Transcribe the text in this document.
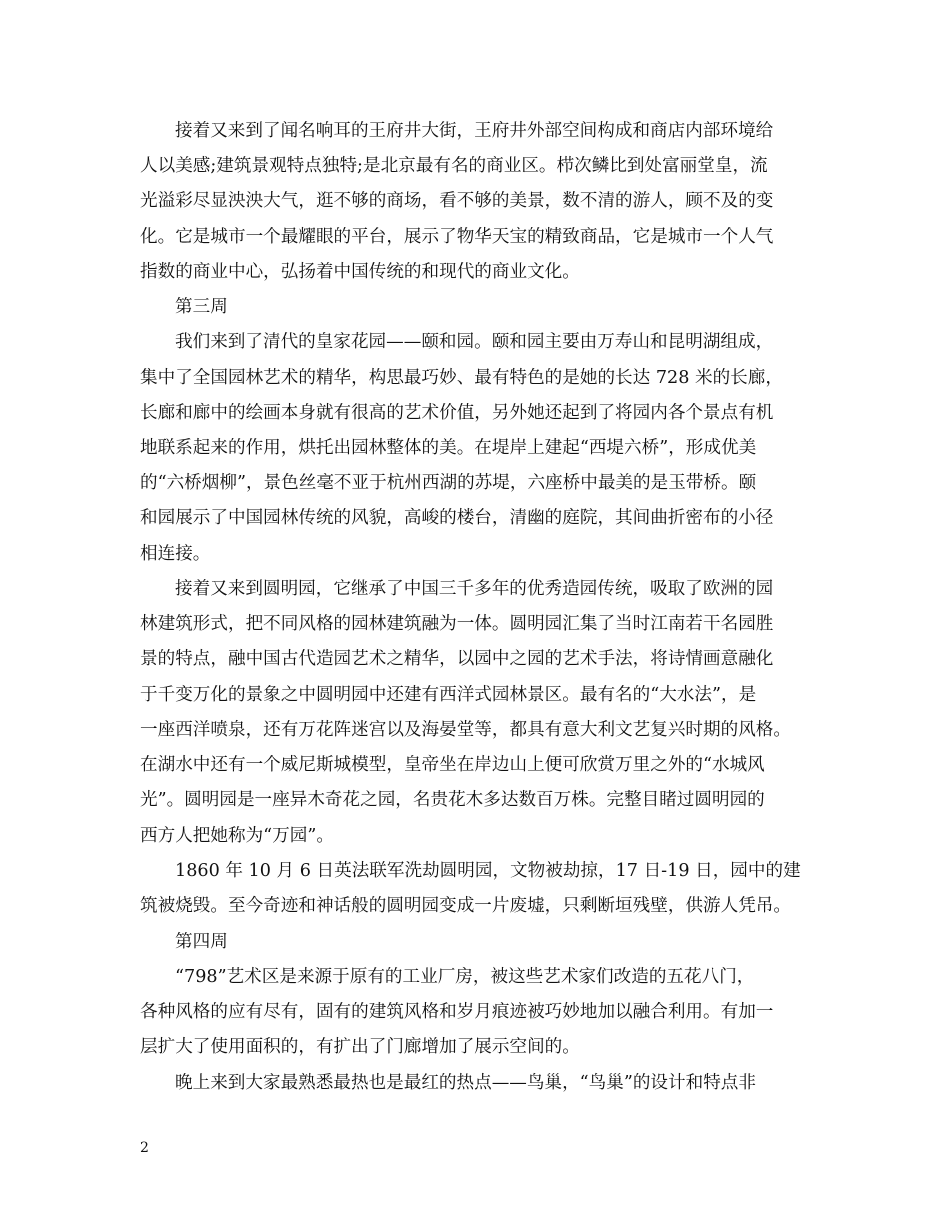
接着又来到了闻名响耳的王府井大街，王府井外部空间构成和商店内部环境给
人以美感;建筑景观特点独特;是北京最有名的商业区。栉次鳞比到处富丽堂皇，流
光溢彩尽显泱泱大气，逛不够的商场，看不够的美景，数不清的游人，顾不及的变
化。它是城市一个最耀眼的平台，展示了物华天宝的精致商品，它是城市一个人气
指数的商业中心，弘扬着中国传统的和现代的商业文化。
第三周
我们来到了清代的皇家花园——颐和园。颐和园主要由万寿山和昆明湖组成，
集中了全国园林艺术的精华，构思最巧妙、最有特色的是她的长达 728 米的长廊，
长廊和廊中的绘画本身就有很高的艺术价值，另外她还起到了将园内各个景点有机
地联系起来的作用，烘托出园林整体的美。在堤岸上建起“西堤六桥”，形成优美
的“六桥烟柳”，景色丝毫不亚于杭州西湖的苏堤，六座桥中最美的是玉带桥。颐
和园展示了中国园林传统的风貌，高峻的楼台，清幽的庭院，其间曲折密布的小径
相连接。
接着又来到圆明园，它继承了中国三千多年的优秀造园传统，吸取了欧洲的园
林建筑形式，把不同风格的园林建筑融为一体。圆明园汇集了当时江南若干名园胜
景的特点，融中国古代造园艺术之精华，以园中之园的艺术手法，将诗情画意融化
于千变万化的景象之中圆明园中还建有西洋式园林景区。最有名的“大水法”，是
一座西洋喷泉，还有万花阵迷宫以及海晏堂等，都具有意大利文艺复兴时期的风格。
在湖水中还有一个威尼斯城模型，皇帝坐在岸边山上便可欣赏万里之外的“水城风
光”。圆明园是一座异木奇花之园，名贵花木多达数百万株。完整目睹过圆明园的
西方人把她称为“万园”。
1860 年 10 月 6 日英法联军洗劫圆明园，文物被劫掠，17 日-19 日，园中的建
筑被烧毁。至今奇迹和神话般的圆明园变成一片废墟，只剩断垣残壁，供游人凭吊。
第四周
“798”艺术区是来源于原有的工业厂房，被这些艺术家们改造的五花八门，
各种风格的应有尽有，固有的建筑风格和岁月痕迹被巧妙地加以融合利用。有加一
层扩大了使用面积的，有扩出了门廊增加了展示空间的。
晚上来到大家最熟悉最热也是最红的热点——鸟巢，“鸟巢”的设计和特点非
2
